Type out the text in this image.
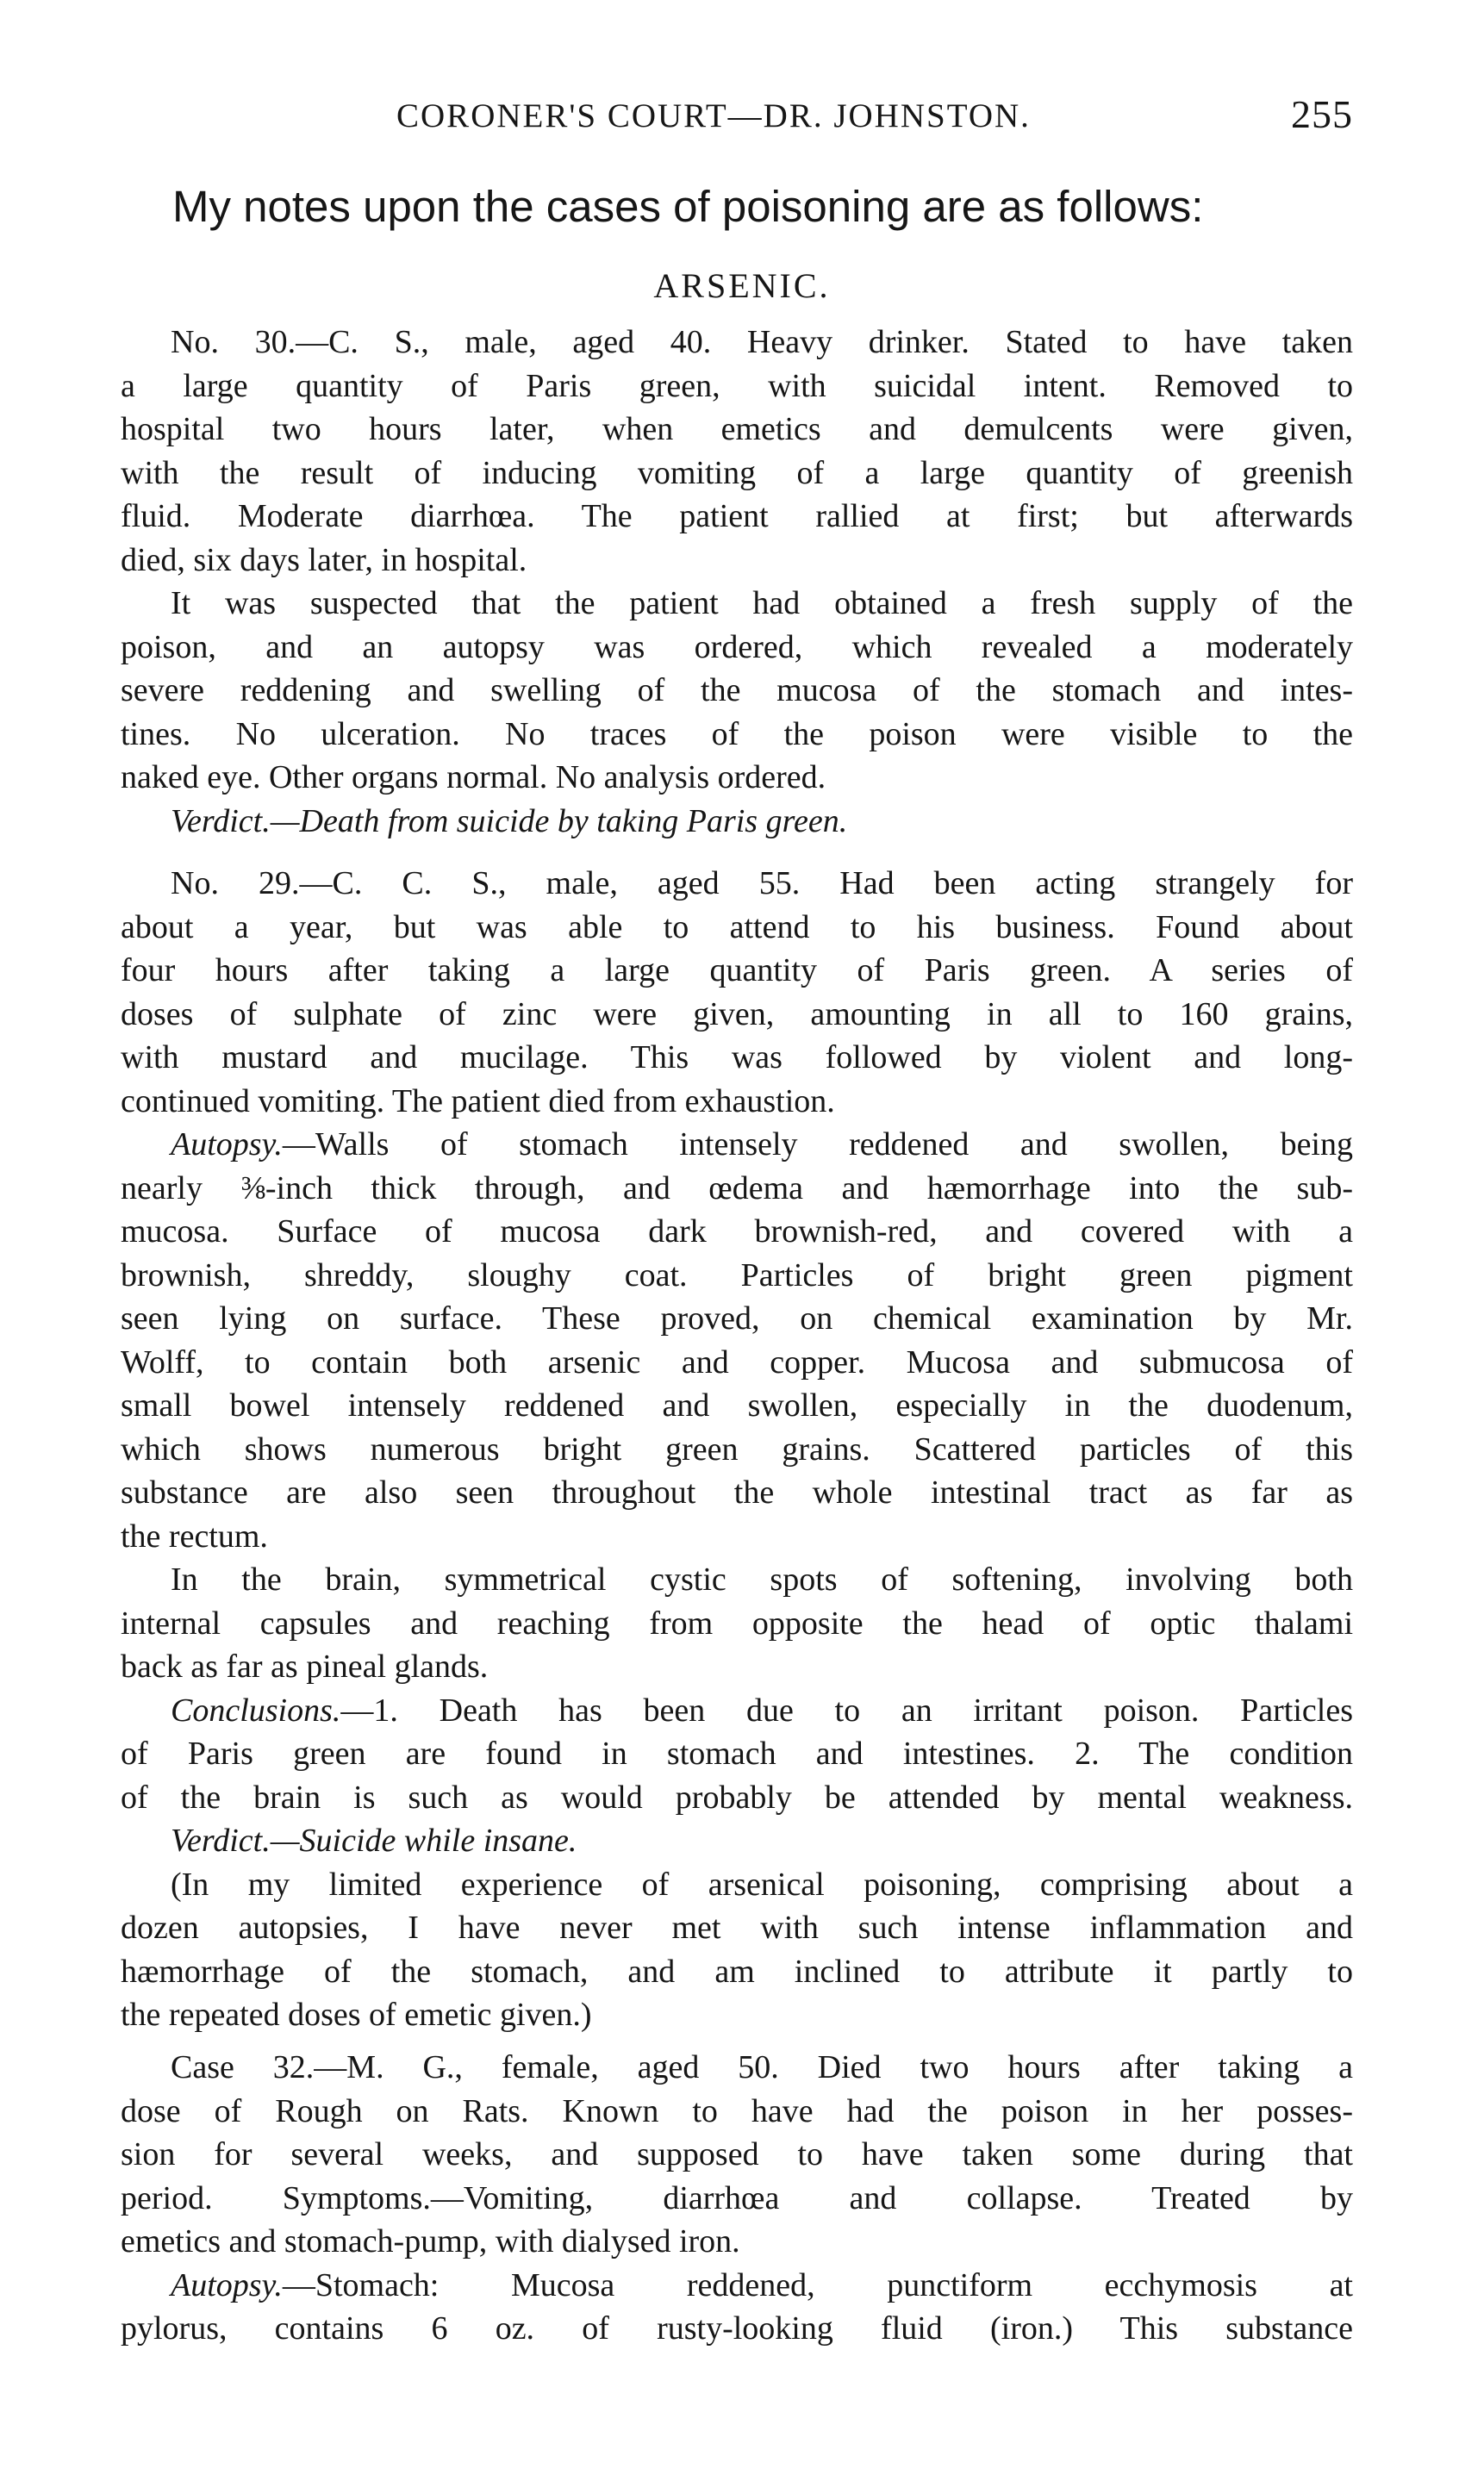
CORONER'S COURT—DR. JOHNSTON.	255
My notes upon the cases of poisoning are as follows:
ARSENIC.
No. 30.—C. S., male, aged 40. Heavy drinker. Stated to have taken
a large quantity of Paris green, with suicidal intent. Removed to
hospital two hours later, when emetics and demulcents were given,
with the result of inducing vomiting of a large quantity of greenish
fluid. Moderate diarrhœa. The patient rallied at first; but afterwards
died, six days later, in hospital.
It was suspected that the patient had obtained a fresh supply of the
poison, and an autopsy was ordered, which revealed a moderately
severe reddening and swelling of the mucosa of the stomach and intes-
tines. No ulceration. No traces of the poison were visible to the
naked eye. Other organs normal. No analysis ordered.
Verdict.—Death from suicide by taking Paris green.
No. 29.—C. C. S., male, aged 55. Had been acting strangely for
about a year, but was able to attend to his business. Found about
four hours after taking a large quantity of Paris green. A series of
doses of sulphate of zinc were given, amounting in all to 160 grains,
with mustard and mucilage. This was followed by violent and long-
continued vomiting. The patient died from exhaustion.
Autopsy.—Walls of stomach intensely reddened and swollen, being
nearly ⅜-inch thick through, and œdema and hæmorrhage into the sub-
mucosa. Surface of mucosa dark brownish-red, and covered with a
brownish, shreddy, sloughy coat. Particles of bright green pigment
seen lying on surface. These proved, on chemical examination by Mr.
Wolff, to contain both arsenic and copper. Mucosa and submucosa of
small bowel intensely reddened and swollen, especially in the duodenum,
which shows numerous bright green grains. Scattered particles of this
substance are also seen throughout the whole intestinal tract as far as
the rectum.
In the brain, symmetrical cystic spots of softening, involving both
internal capsules and reaching from opposite the head of optic thalami
back as far as pineal glands.
Conclusions.—1. Death has been due to an irritant poison. Particles
of Paris green are found in stomach and intestines. 2. The condition
of the brain is such as would probably be attended by mental weakness.
Verdict.—Suicide while insane.
(In my limited experience of arsenical poisoning, comprising about a
dozen autopsies, I have never met with such intense inflammation and
hæmorrhage of the stomach, and am inclined to attribute it partly to
the repeated doses of emetic given.)
Case 32.—M. G., female, aged 50. Died two hours after taking a
dose of Rough on Rats. Known to have had the poison in her posses-
sion for several weeks, and supposed to have taken some during that
period. Symptoms.—Vomiting, diarrhœa and collapse. Treated by
emetics and stomach-pump, with dialysed iron.
Autopsy.—Stomach: Mucosa reddened, punctiform ecchymosis at
pylorus, contains 6 oz. of rusty-looking fluid (iron.) This substance
